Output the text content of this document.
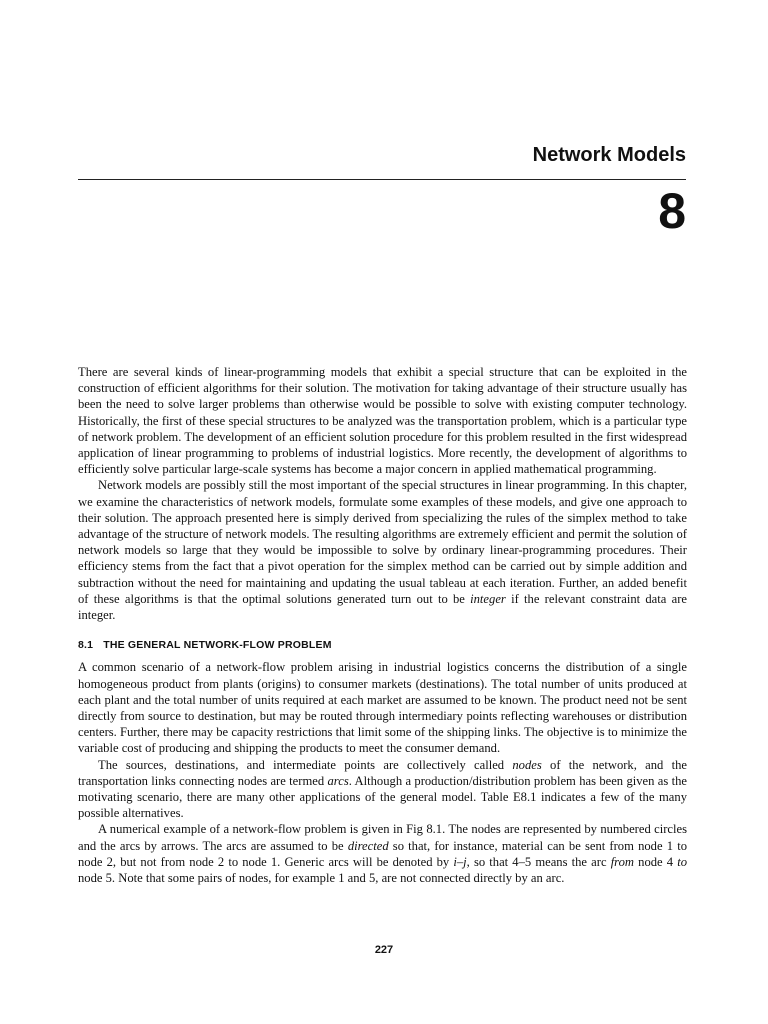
Network Models
8

There are several kinds of linear-programming models that exhibit a special structure that can be exploited in the construction of efficient algorithms for their solution. The motivation for taking advantage of their structure usually has been the need to solve larger problems than otherwise would be possible to solve with existing computer technology. Historically, the first of these special structures to be analyzed was the transportation problem, which is a particular type of network problem. The development of an efficient solution procedure for this problem resulted in the first widespread application of linear programming to problems of industrial logistics. More recently, the development of algorithms to efficiently solve particular large-scale systems has become a major concern in applied mathematical programming.

Network models are possibly still the most important of the special structures in linear programming. In this chapter, we examine the characteristics of network models, formulate some examples of these models, and give one approach to their solution. The approach presented here is simply derived from specializing the rules of the simplex method to take advantage of the structure of network models. The resulting algorithms are extremely efficient and permit the solution of network models so large that they would be impossible to solve by ordinary linear-programming procedures. Their efficiency stems from the fact that a pivot operation for the simplex method can be carried out by simple addition and subtraction without the need for maintaining and updating the usual tableau at each iteration. Further, an added benefit of these algorithms is that the optimal solutions generated turn out to be integer if the relevant constraint data are integer.

8.1 THE GENERAL NETWORK-FLOW PROBLEM

A common scenario of a network-flow problem arising in industrial logistics concerns the distribution of a single homogeneous product from plants (origins) to consumer markets (destinations). The total number of units produced at each plant and the total number of units required at each market are assumed to be known. The product need not be sent directly from source to destination, but may be routed through intermediary points reflecting warehouses or distribution centers. Further, there may be capacity restrictions that limit some of the shipping links. The objective is to minimize the variable cost of producing and shipping the products to meet the consumer demand.

The sources, destinations, and intermediate points are collectively called nodes of the network, and the transportation links connecting nodes are termed arcs. Although a production/distribution problem has been given as the motivating scenario, there are many other applications of the general model. Table E8.1 indicates a few of the many possible alternatives.

A numerical example of a network-flow problem is given in Fig 8.1. The nodes are represented by numbered circles and the arcs by arrows. The arcs are assumed to be directed so that, for instance, material can be sent from node 1 to node 2, but not from node 2 to node 1. Generic arcs will be denoted by i–j, so that 4–5 means the arc from node 4 to node 5. Note that some pairs of nodes, for example 1 and 5, are not connected directly by an arc.

227
